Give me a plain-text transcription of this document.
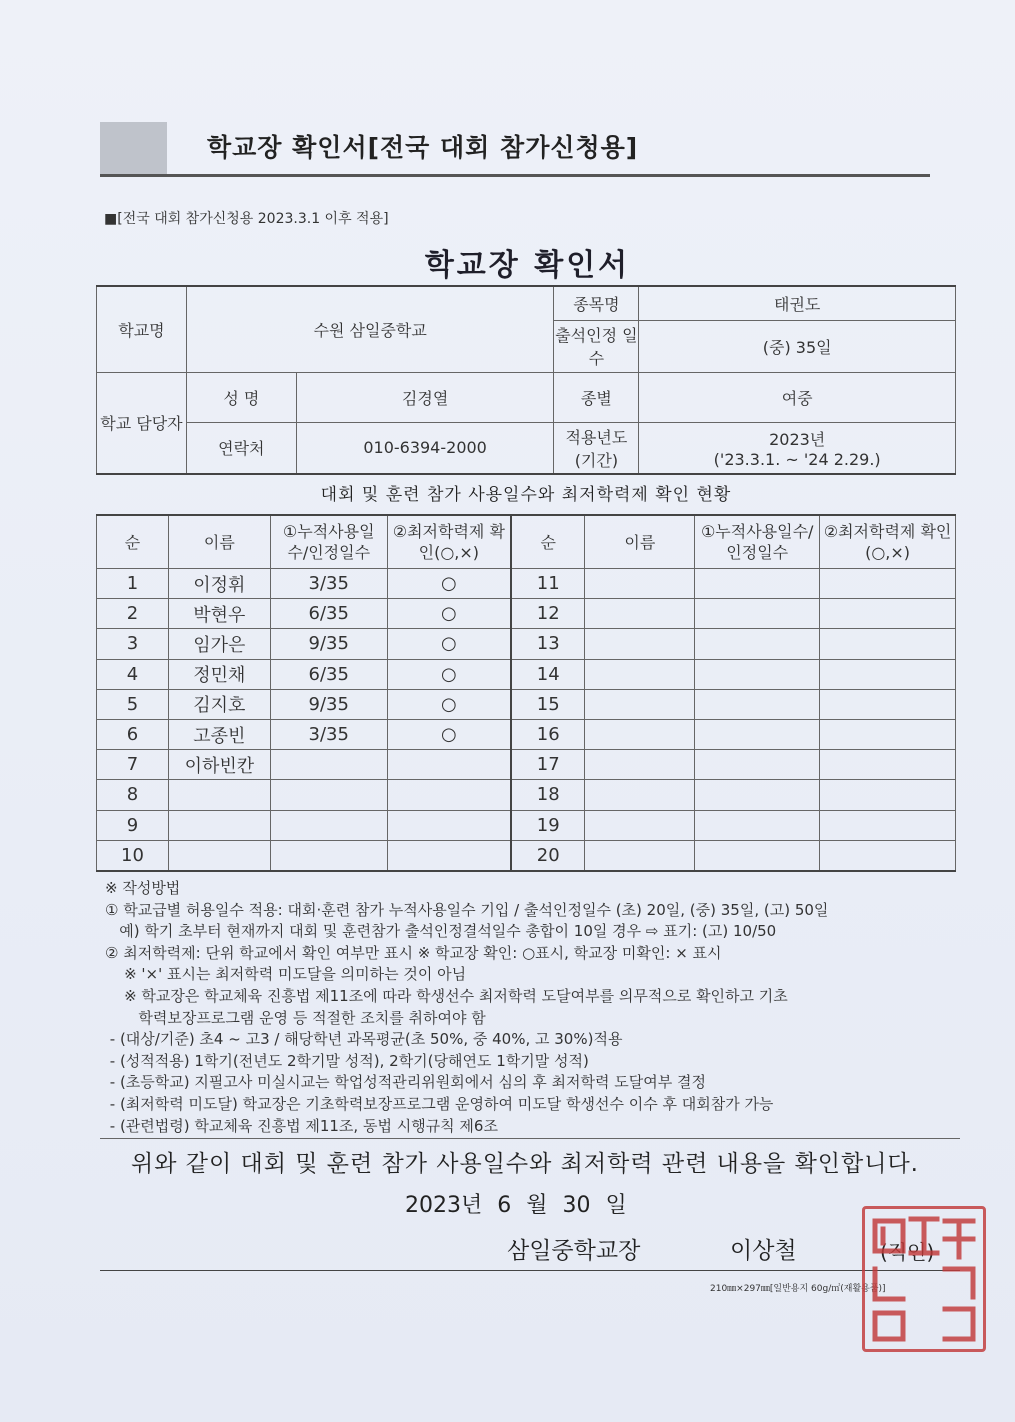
학교장 확인서[전국 대회 참가신청용]
■[전국 대회 참가신청용 2023.3.1 이후 적용]
학교장 확인서
학교명	수원 삼일중학교		종목명	태권도
			출석인정 일수	(중) 35일
학교 담당자	성 명	김경열	종별	여중
	연락처	010-6394-2000	적용년도 (기간)	2023년
('23.3.1. ~ '24 2.29.)
대회 및 훈련 참가 사용일수와 최저학력제 확인 현황
순	이름	①누적사용일 수/인정일수	②최저학력제 확인(○,×)	순	이름	①누적사용일수/ 인정일수	②최저학력제 확인(○,×)
1	이정휘	3/35	○	11			
2	박현우	6/35	○	12			
3	임가은	9/35	○	13			
4	정민채	6/35	○	14			
5	김지호	9/35	○	15			
6	고종빈	3/35	○	16			
7	이하빈칸			17			
8				18			
9				19			
10				20			
※ 작성방법
① 학교급별 허용일수 적용: 대회·훈련 참가 누적사용일수 기입 / 출석인정일수 (초) 20일, (중) 35일, (고) 50일
예) 학기 초부터 현재까지 대회 및 훈련참가 출석인정결석일수 총합이 10일 경우 ⇨ 표기: (고) 10/50
② 최저학력제: 단위 학교에서 확인 여부만 표시 ※ 학교장 확인: ○표시, 학교장 미확인: × 표시
※ '×' 표시는 최저학력 미도달을 의미하는 것이 아님
※ 학교장은 학교체육 진흥법 제11조에 따라 학생선수 최저학력 도달여부를 의무적으로 확인하고 기초
학력보장프로그램 운영 등 적절한 조치를 취하여야 함
- (대상/기준) 초4 ~ 고3 / 해당학년 과목평균(초 50%, 중 40%, 고 30%)적용
- (성적적용) 1학기(전년도 2학기말 성적), 2학기(당해연도 1학기말 성적)
- (초등학교) 지필고사 미실시교는 학업성적관리위원회에서 심의 후 최저학력 도달여부 결정
- (최저학력 미도달) 학교장은 기초학력보장프로그램 운영하여 미도달 학생선수 이수 후 대회참가 가능
- (관련법령) 학교체육 진흥법 제11조, 동법 시행규칙 제6조
위와 같이 대회 및 훈련 참가 사용일수와 최저학력 관련 내용을 확인합니다.
2023년 6 월 30 일
삼일중학교장	이상철	(직인)
210㎜×297㎜[일반용지 60g/㎡(재활용품)]
